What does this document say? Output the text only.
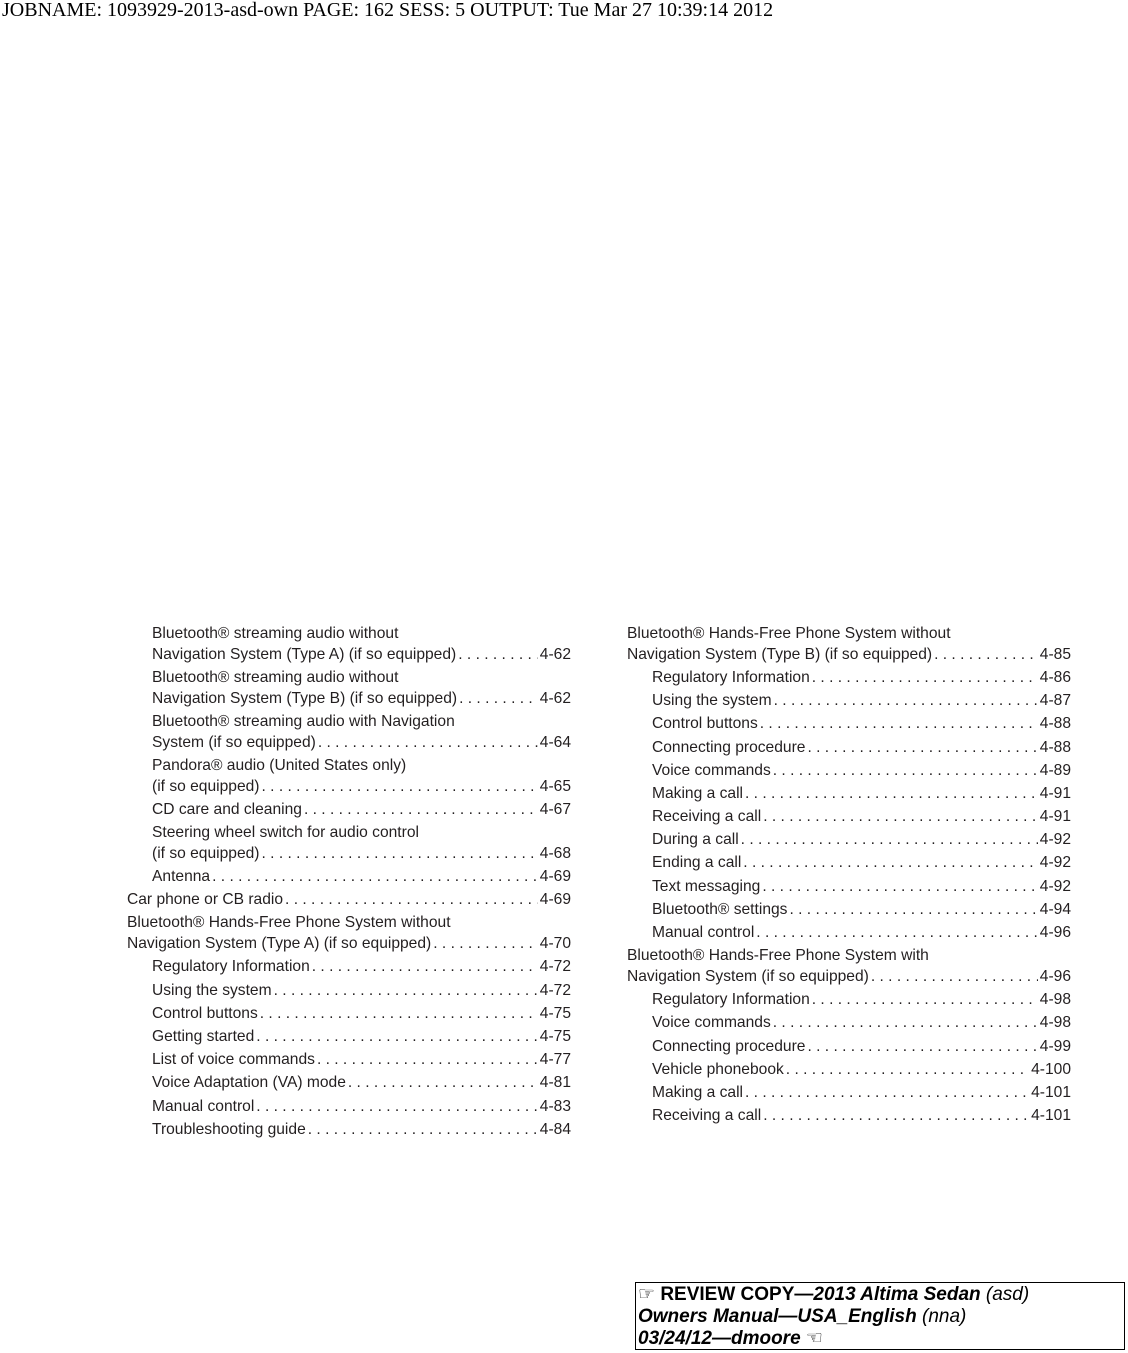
JOBNAME: 1093929-2013-asd-own PAGE: 162 SESS: 5 OUTPUT: Tue Mar 27 10:39:14 2012
Bluetooth® streaming audio without
Navigation System (Type A) (if so equipped) . . .	4-62
Bluetooth® streaming audio without
Navigation System (Type B) (if so equipped) . . .	4-62
Bluetooth® streaming audio with Navigation
System (if so equipped) . . .	4-64
Pandora® audio (United States only)
(if so equipped) . . .	4-65
CD care and cleaning . . .	4-67
Steering wheel switch for audio control
(if so equipped) . . .	4-68
Antenna . . .	4-69
Car phone or CB radio . . .	4-69
Bluetooth® Hands-Free Phone System without
Navigation System (Type A) (if so equipped) . . .	4-70
Regulatory Information . . .	4-72
Using the system . . .	4-72
Control buttons . . .	4-75
Getting started . . .	4-75
List of voice commands . . .	4-77
Voice Adaptation (VA) mode . . .	4-81
Manual control . . .	4-83
Troubleshooting guide . . .	4-84
Bluetooth® Hands-Free Phone System without
Navigation System (Type B) (if so equipped) . . .	4-85
Regulatory Information . . .	4-86
Using the system . . .	4-87
Control buttons . . .	4-88
Connecting procedure . . .	4-88
Voice commands . . .	4-89
Making a call . . .	4-91
Receiving a call . . .	4-91
During a call . . .	4-92
Ending a call . . .	4-92
Text messaging . . .	4-92
Bluetooth® settings . . .	4-94
Manual control . . .	4-96
Bluetooth® Hands-Free Phone System with
Navigation System (if so equipped) . . .	4-96
Regulatory Information . . .	4-98
Voice commands . . .	4-98
Connecting procedure . . .	4-99
Vehicle phonebook . . .	4-100
Making a call . . .	4-101
Receiving a call . . .	4-101
☞ REVIEW COPY—2013 Altima Sedan (asd)
Owners Manual—USA_English (nna)
03/24/12—dmoore ☜
